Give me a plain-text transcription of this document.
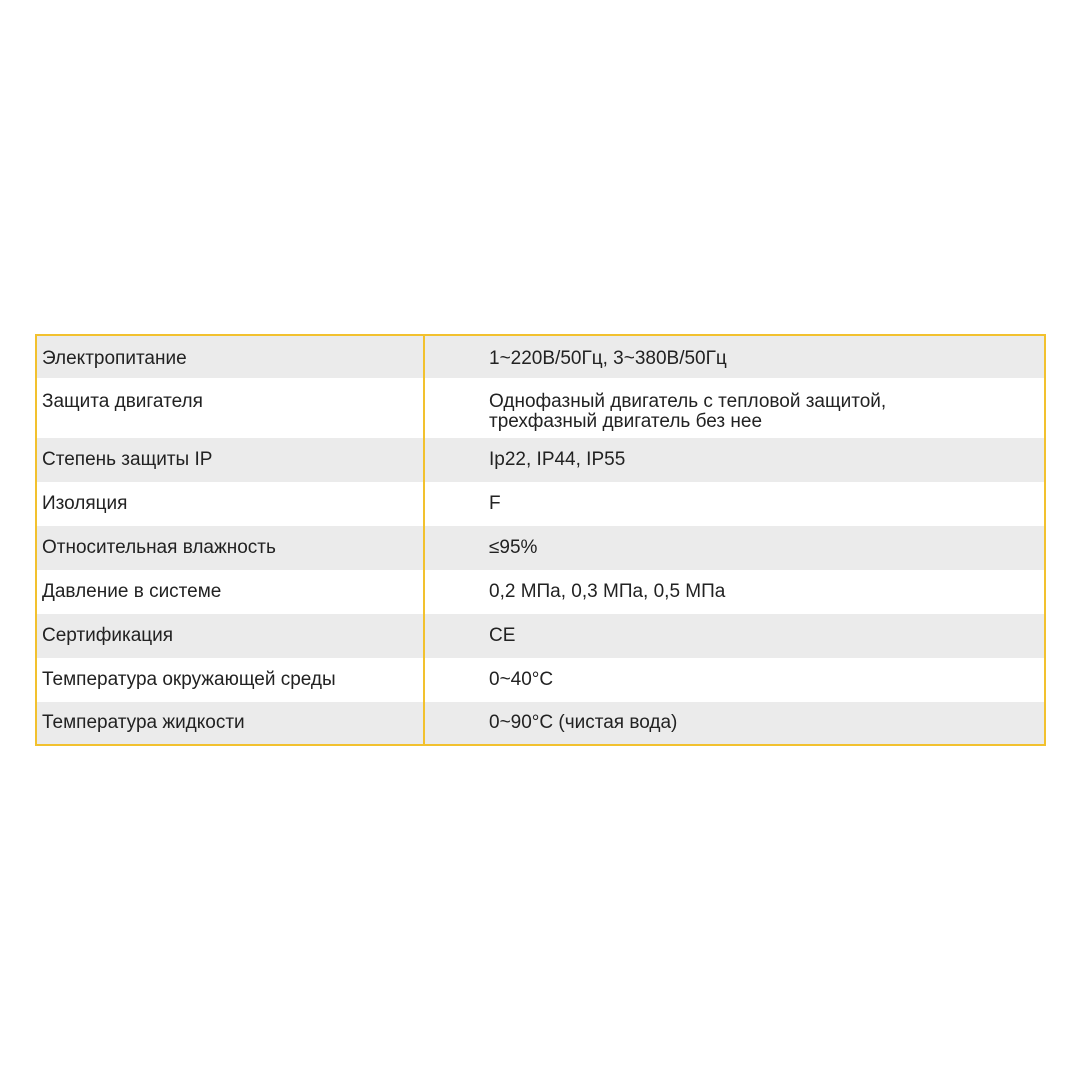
Электропитание	1~220В/50Гц, 3~380В/50Гц
Защита двигателя	Однофазный двигатель с тепловой защитой,
трехфазный двигатель без нее
Степень защиты IP	Ip22, IP44, IP55
Изоляция	F
Относительная влажность	≤95%
Давление в системе	0,2 МПа, 0,3 МПа, 0,5 МПа
Сертификация	CE
Температура окружающей среды	0~40°C
Температура жидкости	0~90°C (чистая вода)
